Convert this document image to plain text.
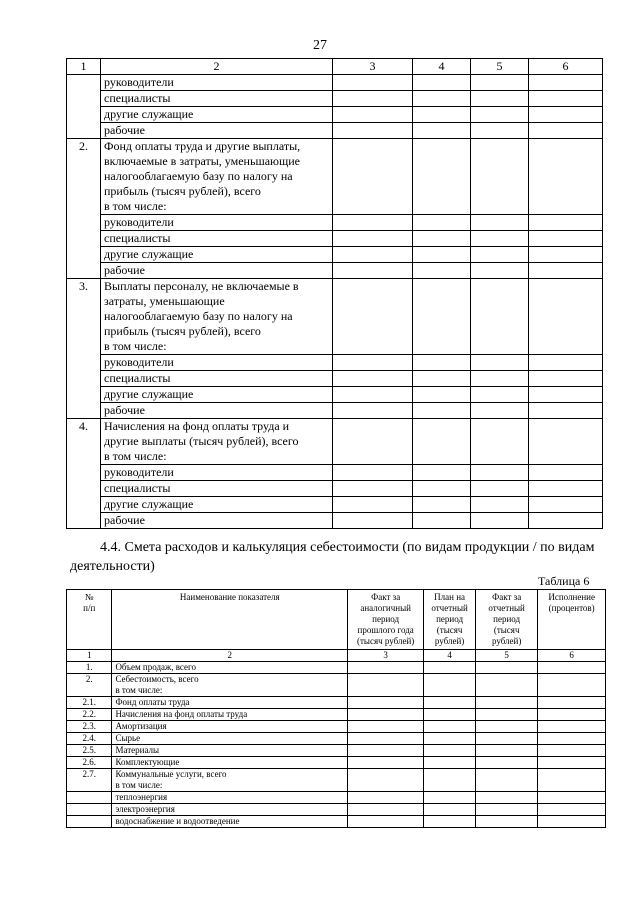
27
1	2	3	4	5	6
	руководители				
	специалисты				
	другие служащие				
	рабочие				
2.	Фонд оплаты труда и другие выплаты,
включаемые в затраты, уменьшающие
налогооблагаемую базу по налогу на
прибыль (тысяч рублей), всего
в том числе:				
	руководители				
	специалисты				
	другие служащие				
	рабочие				
3.	Выплаты персоналу, не включаемые в
затраты, уменьшающие
налогооблагаемую базу по налогу на
прибыль (тысяч рублей), всего
в том числе:				
	руководители				
	специалисты				
	другие служащие				
	рабочие				
4.	Начисления на фонд оплаты труда и
другие выплаты (тысяч рублей), всего
в том числе:				
	руководители				
	специалисты				
	другие служащие				
	рабочие				
4.4. Смета расходов и калькуляция себестоимости (по видам продукции / по видам деятельности)
Таблица 6
№
п/п	Наименование показателя	Факт за
аналогичный
период
прошлого года
(тысяч рублей)	План на
отчетный
период
(тысяч
рублей)	Факт за
отчетный
период
(тысяч
рублей)	Исполнение
(процентов)
1	2	3	4	5	6
1.	Объем продаж, всего				
2.	Себестоимость, всего
в том числе:				
2.1.	Фонд оплаты труда				
2.2.	Начисления на фонд оплаты труда				
2.3.	Амортизация				
2.4.	Сырье				
2.5.	Материалы				
2.6.	Комплектующие				
2.7.	Коммунальные услуги, всего
в том числе:				
	теплоэнергия				
	электроэнергия				
	водоснабжение и водоотведение				
